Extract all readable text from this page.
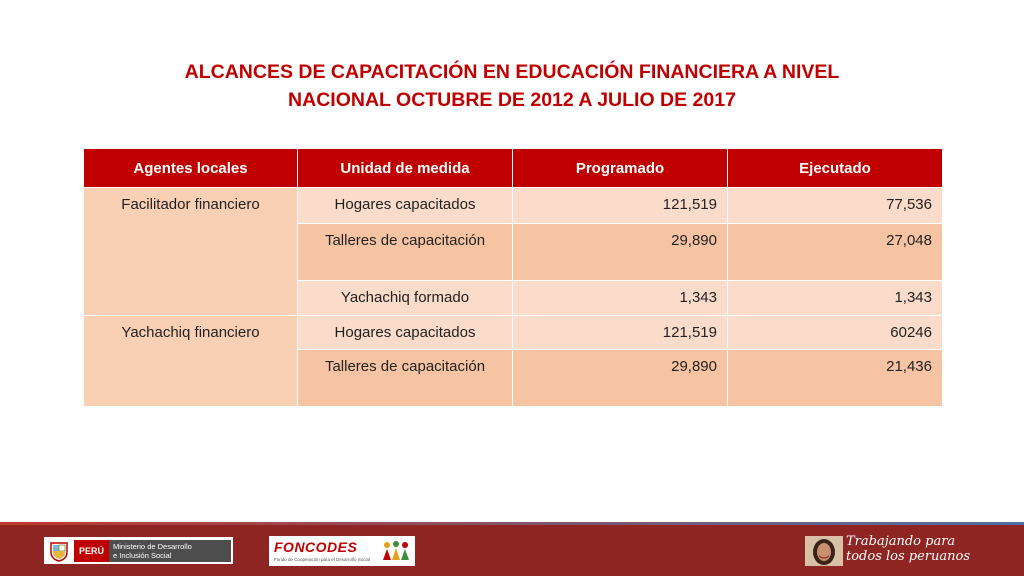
ALCANCES DE CAPACITACIÓN EN EDUCACIÓN FINANCIERA A NIVEL
NACIONAL OCTUBRE DE 2012 A JULIO DE 2017
Agentes locales	Unidad de medida	Programado	Ejecutado
Facilitador financiero	Hogares capacitados	121,519	77,536
	Talleres de capacitación	29,890	27,048
	Yachachiq formado	1,343	1,343
Yachachiq financiero	Hogares capacitados	121,519	60246
	Talleres de capacitación	29,890	21,436
PERÚ	Ministerio de Desarrollo
e Inclusión Social	FONCODES
Fondo de Cooperación para el Desarrollo Social
Trabajando para
todos los peruanos
